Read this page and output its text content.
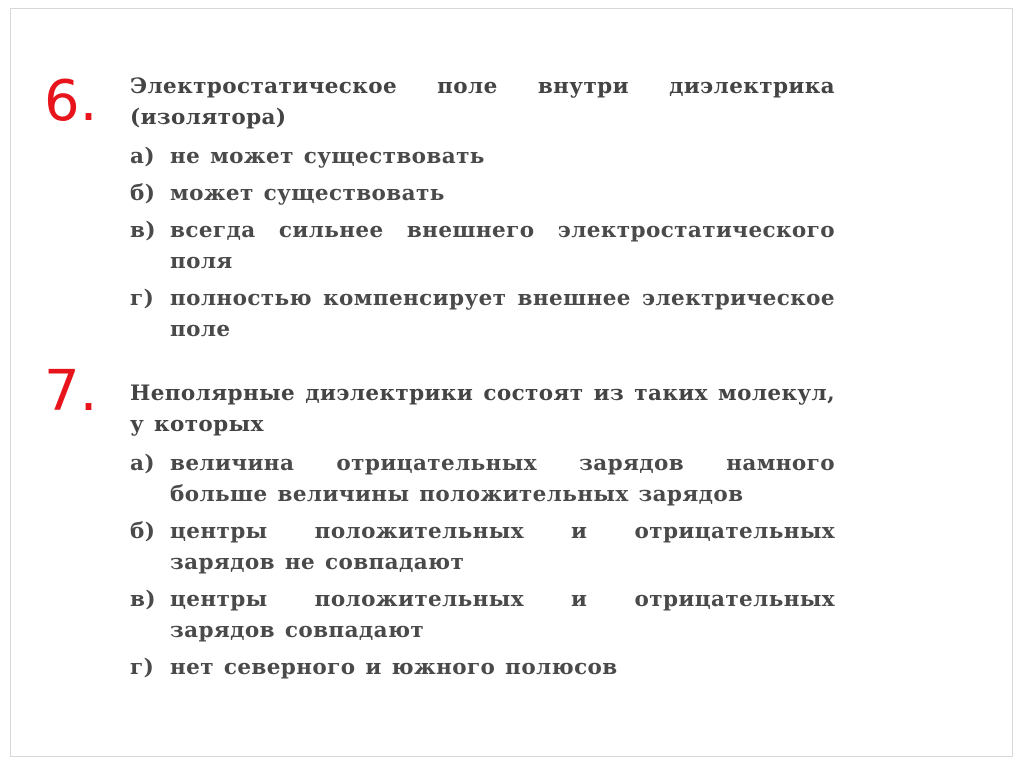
6. Электростатическое поле внутри диэлектрика (изолятора)
а) не может существовать
б) может существовать
в) всегда сильнее внешнего электростатического поля
г) полностью компенсирует внешнее электрическое поле
7. Неполярные диэлектрики состоят из таких молекул, у которых
а) величина отрицательных зарядов намного больше величины положительных зарядов
б) центры положительных и отрицательных зарядов не совпадают
в) центры положительных и отрицательных зарядов совпадают
г) нет северного и южного полюсов
